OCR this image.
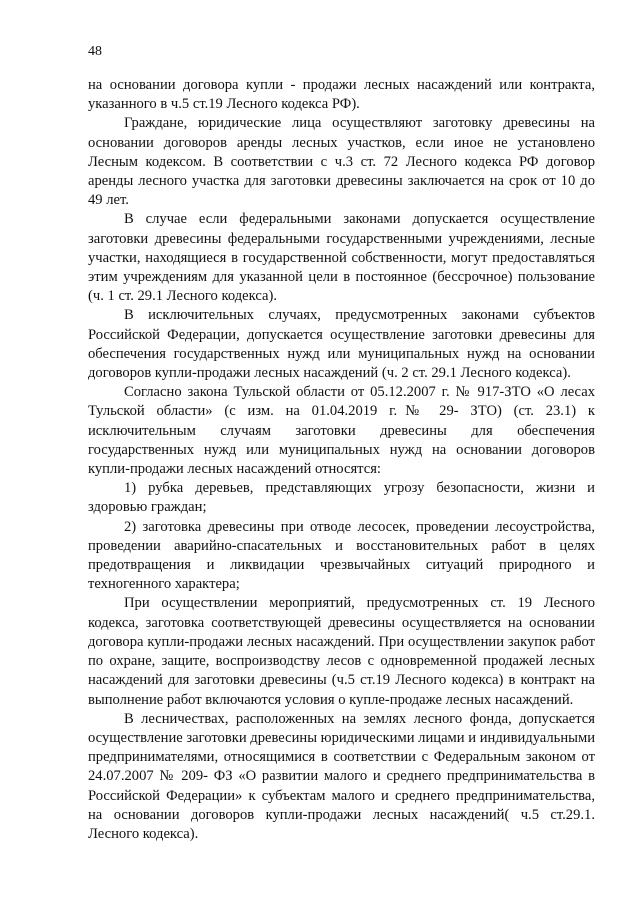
48

на основании договора купли - продажи лесных насаждений или контракта, указанного в ч.5 ст.19 Лесного кодекса РФ).

Граждане, юридические лица осуществляют заготовку древесины на основании договоров аренды лесных участков, если иное не установлено Лесным кодексом. В соответствии с ч.3 ст. 72 Лесного кодекса РФ договор аренды лесного участка для заготовки древесины заключается на срок от 10 до 49 лет.

В случае если федеральными законами допускается осуществление заготовки древесины федеральными государственными учреждениями, лесные участки, находящиеся в государственной собственности, могут предоставляться этим учреждениям для указанной цели в постоянное (бессрочное) пользование (ч. 1 ст. 29.1 Лесного кодекса).

В исключительных случаях, предусмотренных законами субъектов Российской Федерации, допускается осуществление заготовки древесины для обеспечения государственных нужд или муниципальных нужд на основании договоров купли-продажи лесных насаждений (ч. 2 ст. 29.1 Лесного кодекса).

Согласно закона Тульской области от 05.12.2007 г. № 917-ЗТО «О лесах Тульской области» (с изм. на 01.04.2019 г.№ 29- ЗТО) (ст. 23.1) к исключительным случаям заготовки древесины для обеспечения государственных нужд или муниципальных нужд на основании договоров купли-продажи лесных насаждений относятся:

1) рубка деревьев, представляющих угрозу безопасности, жизни и здоровью граждан;

2) заготовка древесины при отводе лесосек, проведении лесоустройства, проведении аварийно-спасательных и восстановительных работ в целях предотвращения и ликвидации чрезвычайных ситуаций природного и техногенного характера;

При осуществлении мероприятий, предусмотренных ст. 19 Лесного кодекса, заготовка соответствующей древесины осуществляется на основании договора купли-продажи лесных насаждений. При осуществлении закупок работ по охране, защите, воспроизводству лесов с одновременной продажей лесных насаждений для заготовки древесины (ч.5 ст.19 Лесного кодекса) в контракт на выполнение работ включаются условия о купле-продаже лесных насаждений.

В лесничествах, расположенных на землях лесного фонда, допускается осуществление заготовки древесины юридическими лицами и индивидуальными предпринимателями, относящимися в соответствии с Федеральным законом от 24.07.2007 № 209- ФЗ «О развитии малого и среднего предпринимательства в Российской Федерации» к субъектам малого и среднего предпринимательства, на основании договоров купли-продажи лесных насаждений( ч.5 ст.29.1. Лесного кодекса).
